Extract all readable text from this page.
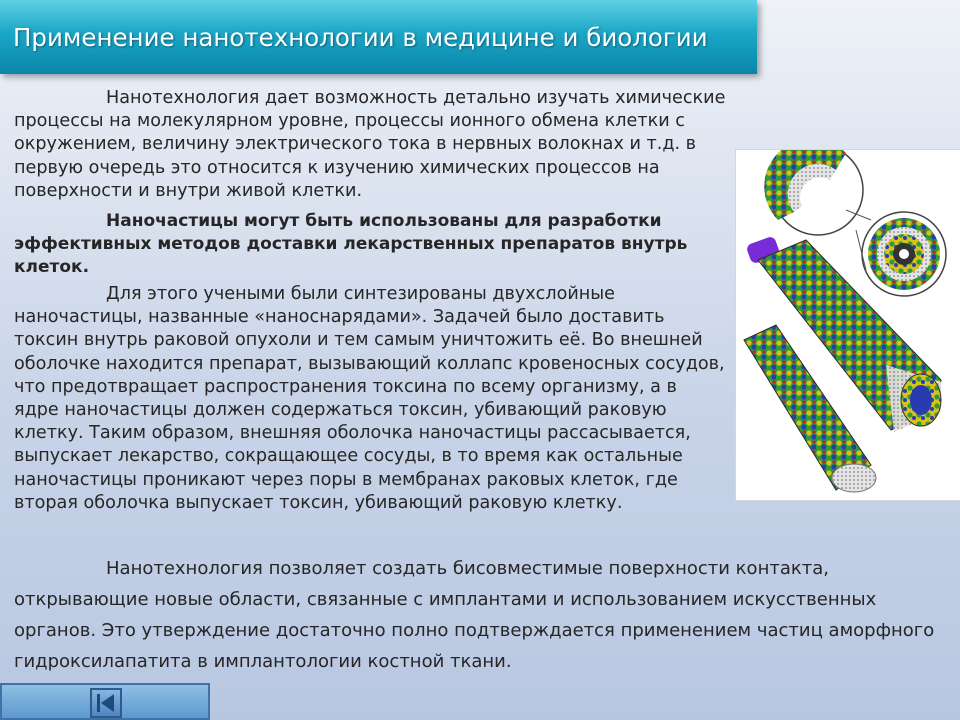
Применение нанотехнологии в медицине и биологии

Нанотехнология дает возможность детально изучать химические процессы на молекулярном уровне, процессы ионного обмена клетки с окружением, величину электрического тока в нервных волокнах и т.д. в первую очередь это относится к изучению химических процессов на поверхности и внутри живой клетки.

Наночастицы могут быть использованы для разработки эффективных методов доставки лекарственных препаратов внутрь клеток.

Для этого учеными были синтезированы двухслойные наночастицы, названные «наноснарядами». Задачей было доставить токсин внутрь раковой опухоли и тем самым уничтожить её. Во внешней оболочке находится препарат, вызывающий коллапс кровеносных сосудов, что предотвращает распространения токсина по всему организму, а в ядре наночастицы должен содержаться токсин, убивающий раковую клетку. Таким образом, внешняя оболочка наночастицы рассасывается, выпускает лекарство, сокращающее сосуды, в то время как остальные наночастицы проникают через поры в мембранах раковых клеток, где вторая оболочка выпускает токсин, убивающий раковую клетку.

Нанотехнология позволяет создать бисовместимые поверхности контакта, открывающие новые области, связанные с имплантами и использованием искусственных органов. Это утверждение достаточно полно подтверждается применением частиц аморфного гидроксилапатита в имплантологии костной ткани.
